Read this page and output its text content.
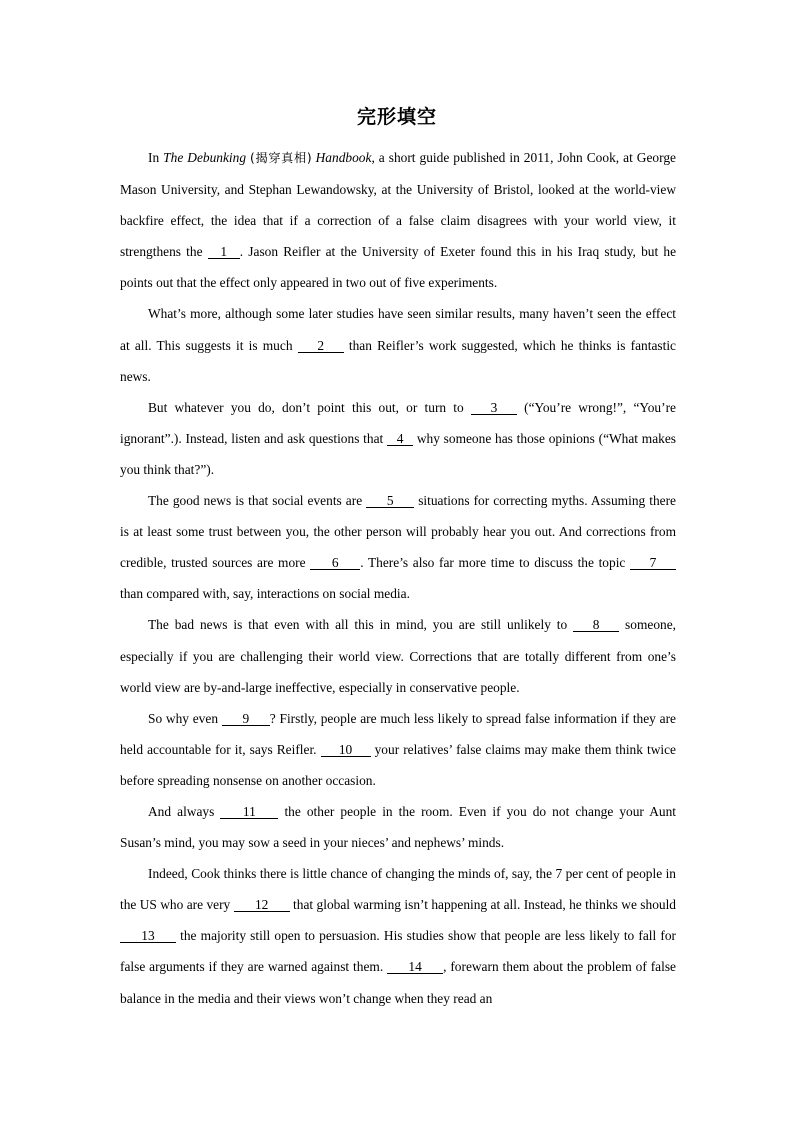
完形填空

In The Debunking (揭穿真相) Handbook, a short guide published in 2011, John Cook, at George Mason University, and Stephan Lewandowsky, at the University of Bristol, looked at the world-view backfire effect, the idea that if a correction of a false claim disagrees with your world view, it strengthens the 1 . Jason Reifler at the University of Exeter found this in his Iraq study, but he points out that the effect only appeared in two out of five experiments.

What’s more, although some later studies have seen similar results, many haven’t seen the effect at all. This suggests it is much 2 than Reifler’s work suggested, which he thinks is fantastic news.

But whatever you do, don’t point this out, or turn to 3 (“You’re wrong!”, “You’re ignorant”.). Instead, listen and ask questions that 4 why someone has those opinions (“What makes you think that?”).

The good news is that social events are 5 situations for correcting myths. Assuming there is at least some trust between you, the other person will probably hear you out. And corrections from credible, trusted sources are more 6 . There’s also far more time to discuss the topic 7 than compared with, say, interactions on social media.

The bad news is that even with all this in mind, you are still unlikely to 8 someone, especially if you are challenging their world view. Corrections that are totally different from one’s world view are by-and-large ineffective, especially in conservative people.

So why even 9 ? Firstly, people are much less likely to spread false information if they are held accountable for it, says Reifler. 10 your relatives’ false claims may make them think twice before spreading nonsense on another occasion.

And always 11 the other people in the room. Even if you do not change your Aunt Susan’s mind, you may sow a seed in your nieces’ and nephews’ minds.

Indeed, Cook thinks there is little chance of changing the minds of, say, the 7 per cent of people in the US who are very 12 that global warming isn’t happening at all. Instead, he thinks we should 13 the majority still open to persuasion. His studies show that people are less likely to fall for false arguments if they are warned against them. 14 , forewarn them about the problem of false balance in the media and their views won’t change when they read an
